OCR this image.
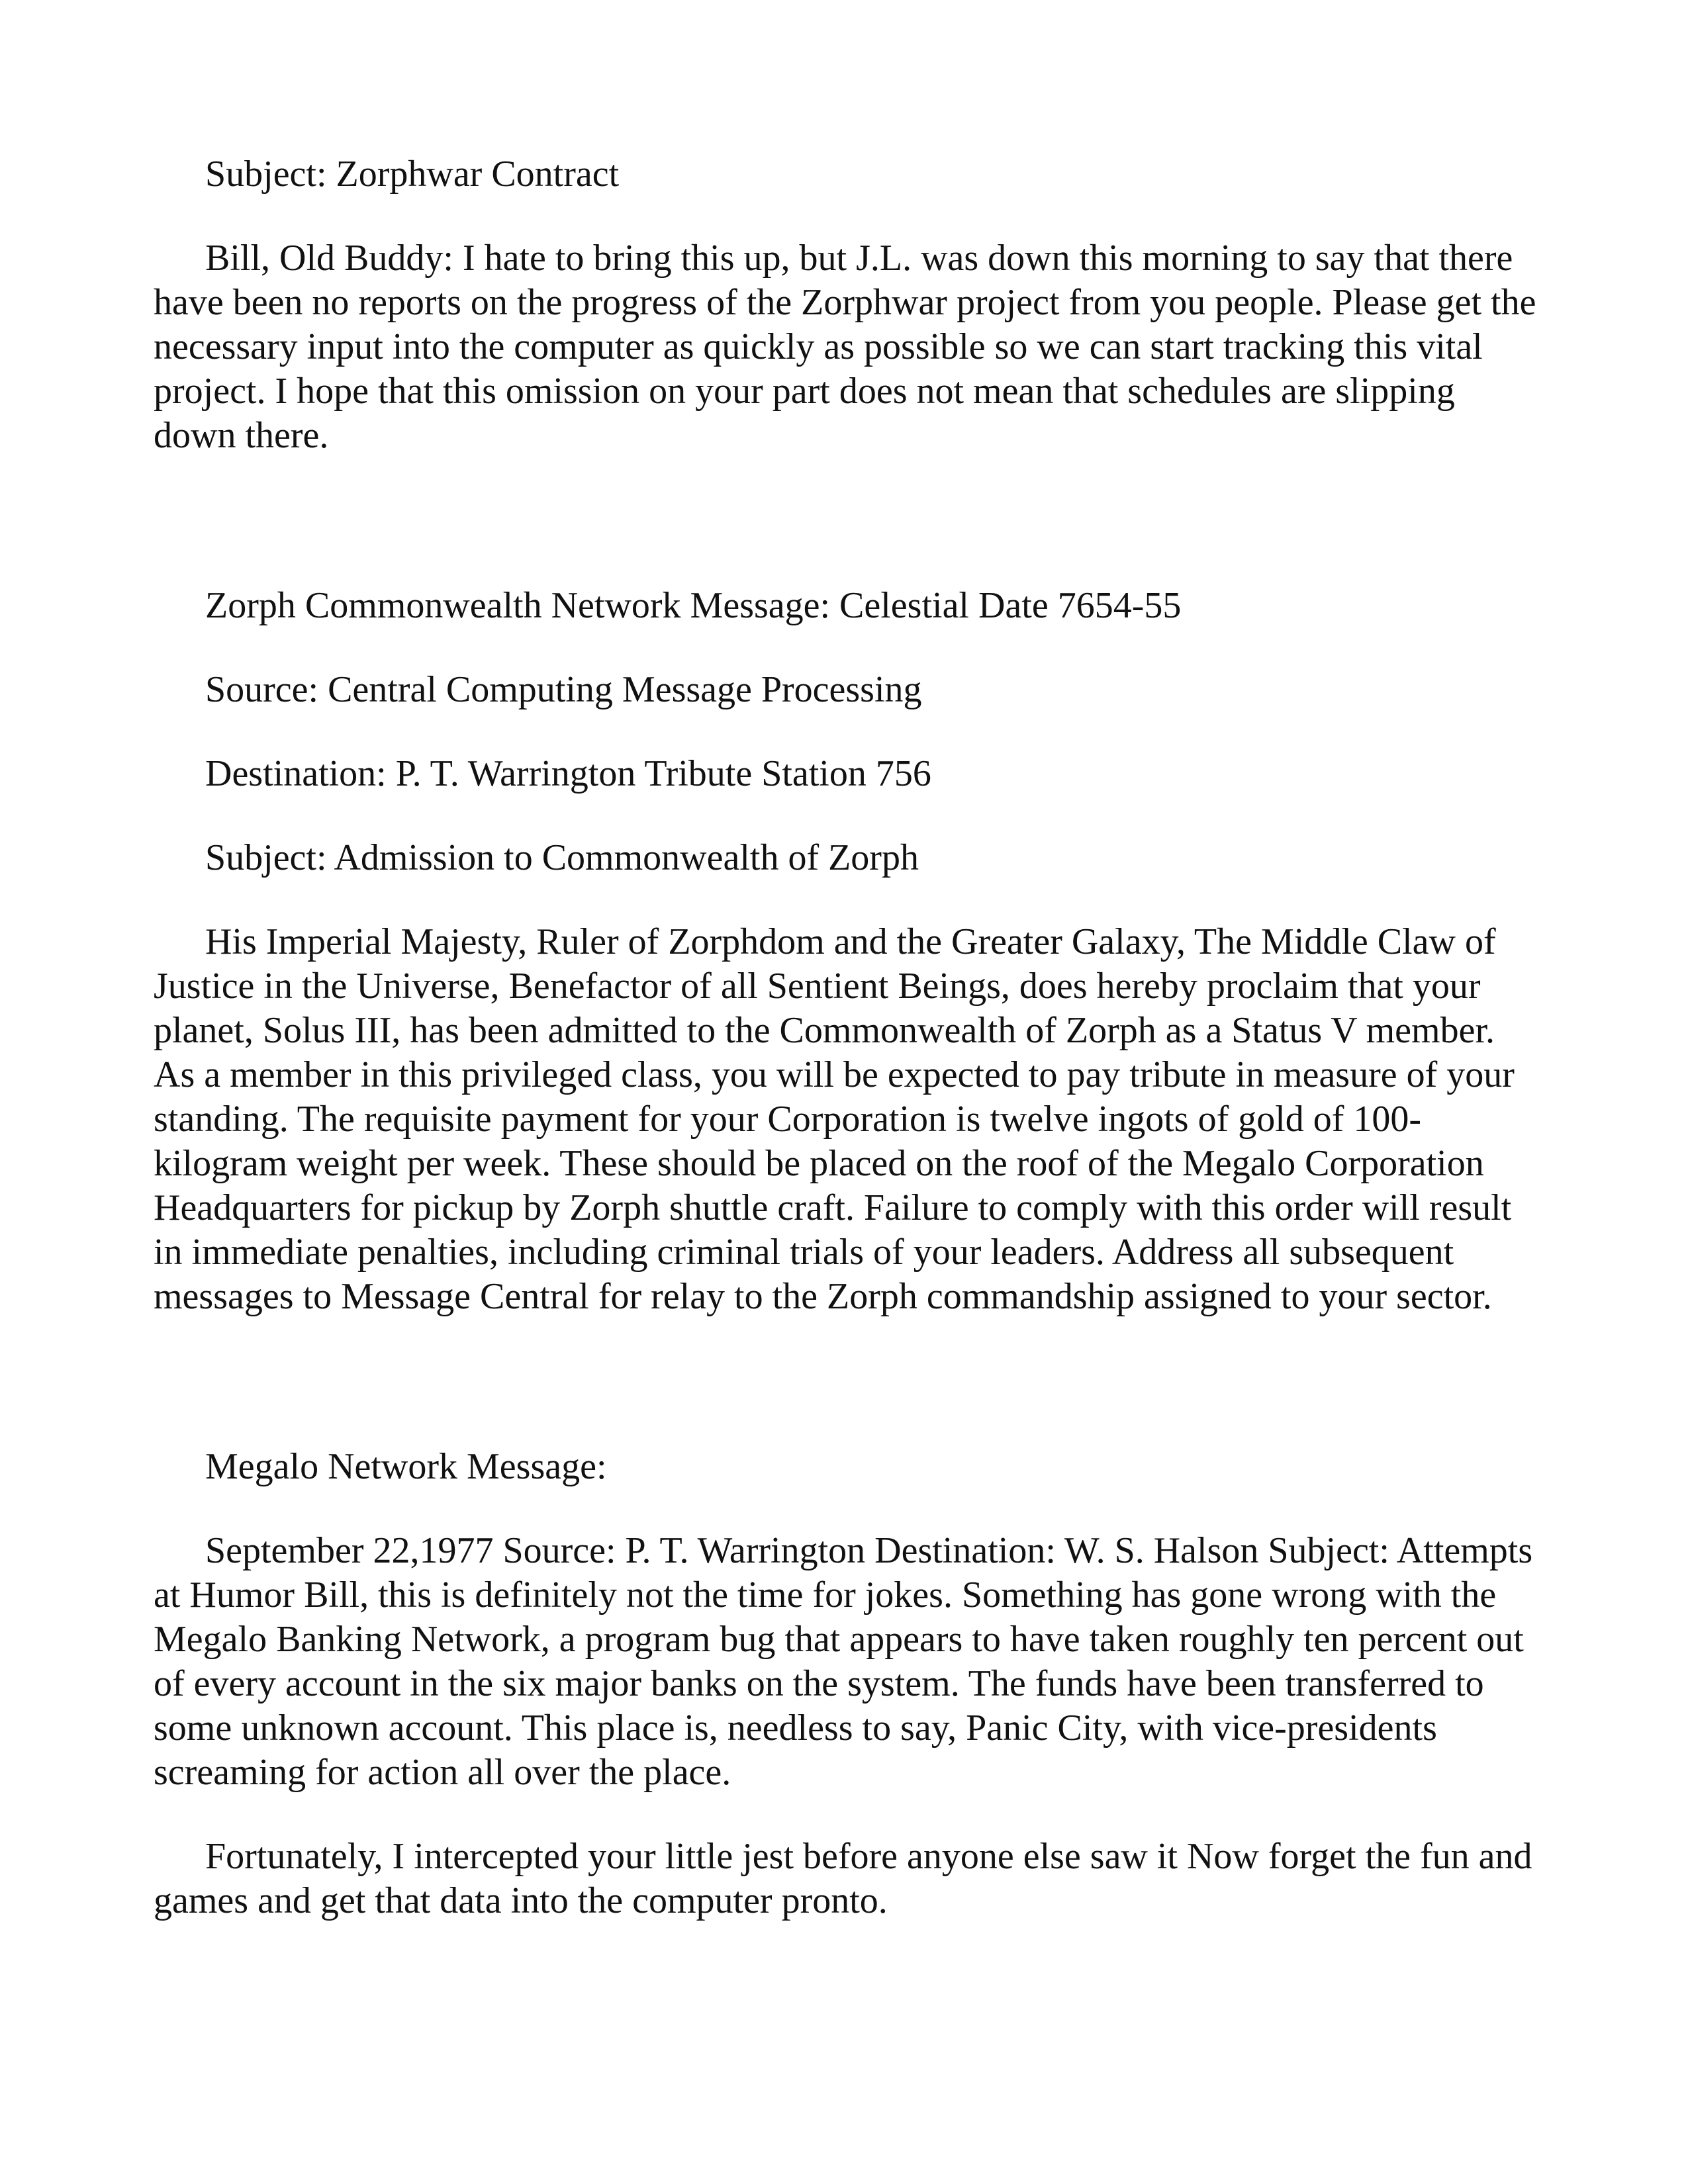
Subject: Zorphwar Contract

Bill, Old Buddy: I hate to bring this up, but J.L. was down this morning to say that there have been no reports on the progress of the Zorphwar project from you people. Please get the necessary input into the computer as quickly as possible so we can start tracking this vital project. I hope that this omission on your part does not mean that schedules are slipping down there.

Zorph Commonwealth Network Message: Celestial Date 7654-55

Source: Central Computing Message Processing

Destination: P. T. Warrington Tribute Station 756

Subject: Admission to Commonwealth of Zorph

His Imperial Majesty, Ruler of Zorphdom and the Greater Galaxy, The Middle Claw of Justice in the Universe, Benefactor of all Sentient Beings, does hereby proclaim that your planet, Solus III, has been admitted to the Commonwealth of Zorph as a Status V member. As a member in this privileged class, you will be expected to pay tribute in measure of your standing. The requisite payment for your Corporation is twelve ingots of gold of 100-kilogram weight per week. These should be placed on the roof of the Megalo Corporation Headquarters for pickup by Zorph shuttle craft. Failure to comply with this order will result in immediate penalties, including criminal trials of your leaders. Address all subsequent messages to Message Central for relay to the Zorph commandship assigned to your sector.

Megalo Network Message:

September 22,1977 Source: P. T. Warrington Destination: W. S. Halson Subject: Attempts at Humor Bill, this is definitely not the time for jokes. Something has gone wrong with the Megalo Banking Network, a program bug that appears to have taken roughly ten percent out of every account in the six major banks on the system. The funds have been transferred to some unknown account. This place is, needless to say, Panic City, with vice-presidents screaming for action all over the place.

Fortunately, I intercepted your little jest before anyone else saw it Now forget the fun and games and get that data into the computer pronto.
